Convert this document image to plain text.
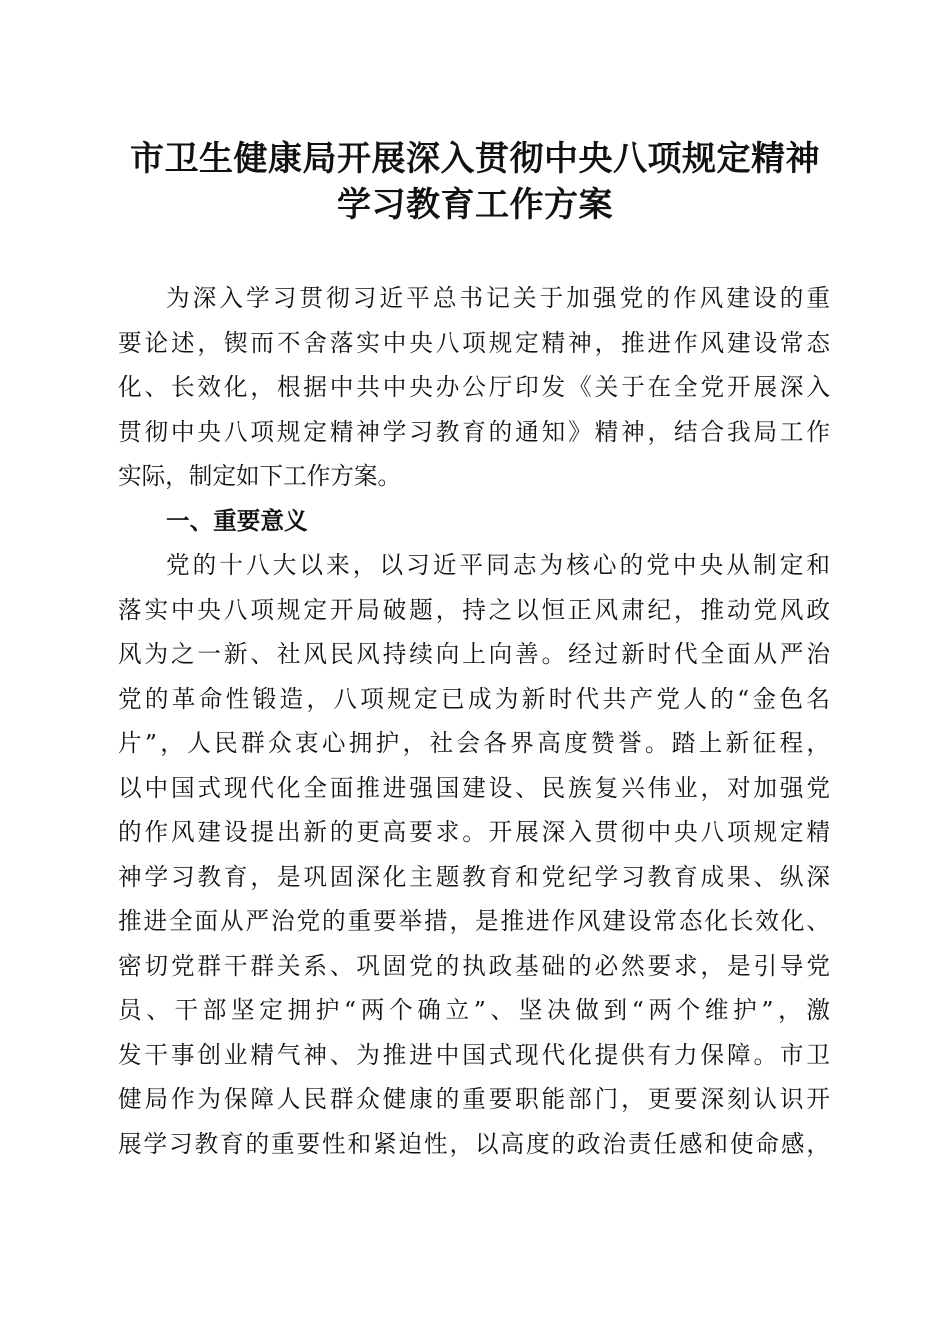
市卫生健康局开展深入贯彻中央八项规定精神
学习教育工作方案
为深入学习贯彻习近平总书记关于加强党的作风建设的重
要论述，锲而不舍落实中央八项规定精神，推进作风建设常态
化、长效化，根据中共中央办公厅印发《关于在全党开展深入
贯彻中央八项规定精神学习教育的通知》精神，结合我局工作
实际，制定如下工作方案。
一、重要意义
党的十八大以来，以习近平同志为核心的党中央从制定和
落实中央八项规定开局破题，持之以恒正风肃纪，推动党风政
风为之一新、社风民风持续向上向善。经过新时代全面从严治
党的革命性锻造，八项规定已成为新时代共产党人的“金色名
片”，人民群众衷心拥护，社会各界高度赞誉。踏上新征程，
以中国式现代化全面推进强国建设、民族复兴伟业，对加强党
的作风建设提出新的更高要求。开展深入贯彻中央八项规定精
神学习教育，是巩固深化主题教育和党纪学习教育成果、纵深
推进全面从严治党的重要举措，是推进作风建设常态化长效化、
密切党群干群关系、巩固党的执政基础的必然要求，是引导党
员、干部坚定拥护“两个确立”、坚决做到“两个维护”，激
发干事创业精气神、为推进中国式现代化提供有力保障。市卫
健局作为保障人民群众健康的重要职能部门，更要深刻认识开
展学习教育的重要性和紧迫性，以高度的政治责任感和使命感，
